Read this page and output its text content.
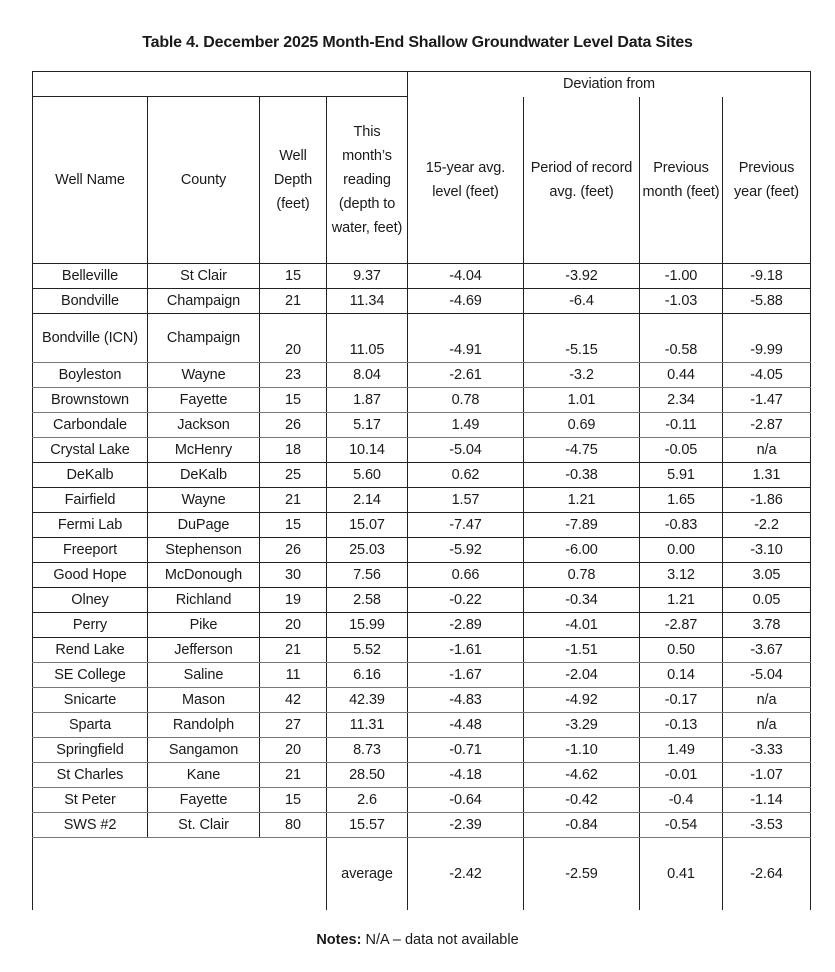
Table 4. December 2025 Month-End Shallow Groundwater Level Data Sites
				Deviation from			
Well Name	County	Well Depth (feet)	This month’s reading (depth to water, feet)	15-year avg. level (feet)	Period of record avg. (feet)	Previous month (feet)	Previous year (feet)
Belleville	St Clair	15	9.37	-4.04	-3.92	-1.00	-9.18
Bondville	Champaign	21	11.34	-4.69	-6.4	-1.03	-5.88
Bondville (ICN)	Champaign	20	11.05	-4.91	-5.15	-0.58	-9.99
Boyleston	Wayne	23	8.04	-2.61	-3.2	0.44	-4.05
Brownstown	Fayette	15	1.87	0.78	1.01	2.34	-1.47
Carbondale	Jackson	26	5.17	1.49	0.69	-0.11	-2.87
Crystal Lake	McHenry	18	10.14	-5.04	-4.75	-0.05	n/a
DeKalb	DeKalb	25	5.60	0.62	-0.38	5.91	1.31
Fairfield	Wayne	21	2.14	1.57	1.21	1.65	-1.86
Fermi Lab	DuPage	15	15.07	-7.47	-7.89	-0.83	-2.2
Freeport	Stephenson	26	25.03	-5.92	-6.00	0.00	-3.10
Good Hope	McDonough	30	7.56	0.66	0.78	3.12	3.05
Olney	Richland	19	2.58	-0.22	-0.34	1.21	0.05
Perry	Pike	20	15.99	-2.89	-4.01	-2.87	3.78
Rend Lake	Jefferson	21	5.52	-1.61	-1.51	0.50	-3.67
SE College	Saline	11	6.16	-1.67	-2.04	0.14	-5.04
Snicarte	Mason	42	42.39	-4.83	-4.92	-0.17	n/a
Sparta	Randolph	27	11.31	-4.48	-3.29	-0.13	n/a
Springfield	Sangamon	20	8.73	-0.71	-1.10	1.49	-3.33
St Charles	Kane	21	28.50	-4.18	-4.62	-0.01	-1.07
St Peter	Fayette	15	2.6	-0.64	-0.42	-0.4	-1.14
SWS #2	St. Clair	80	15.57	-2.39	-0.84	-0.54	-3.53
			average	-2.42	-2.59	0.41	-2.64
Notes: N/A – data not available
